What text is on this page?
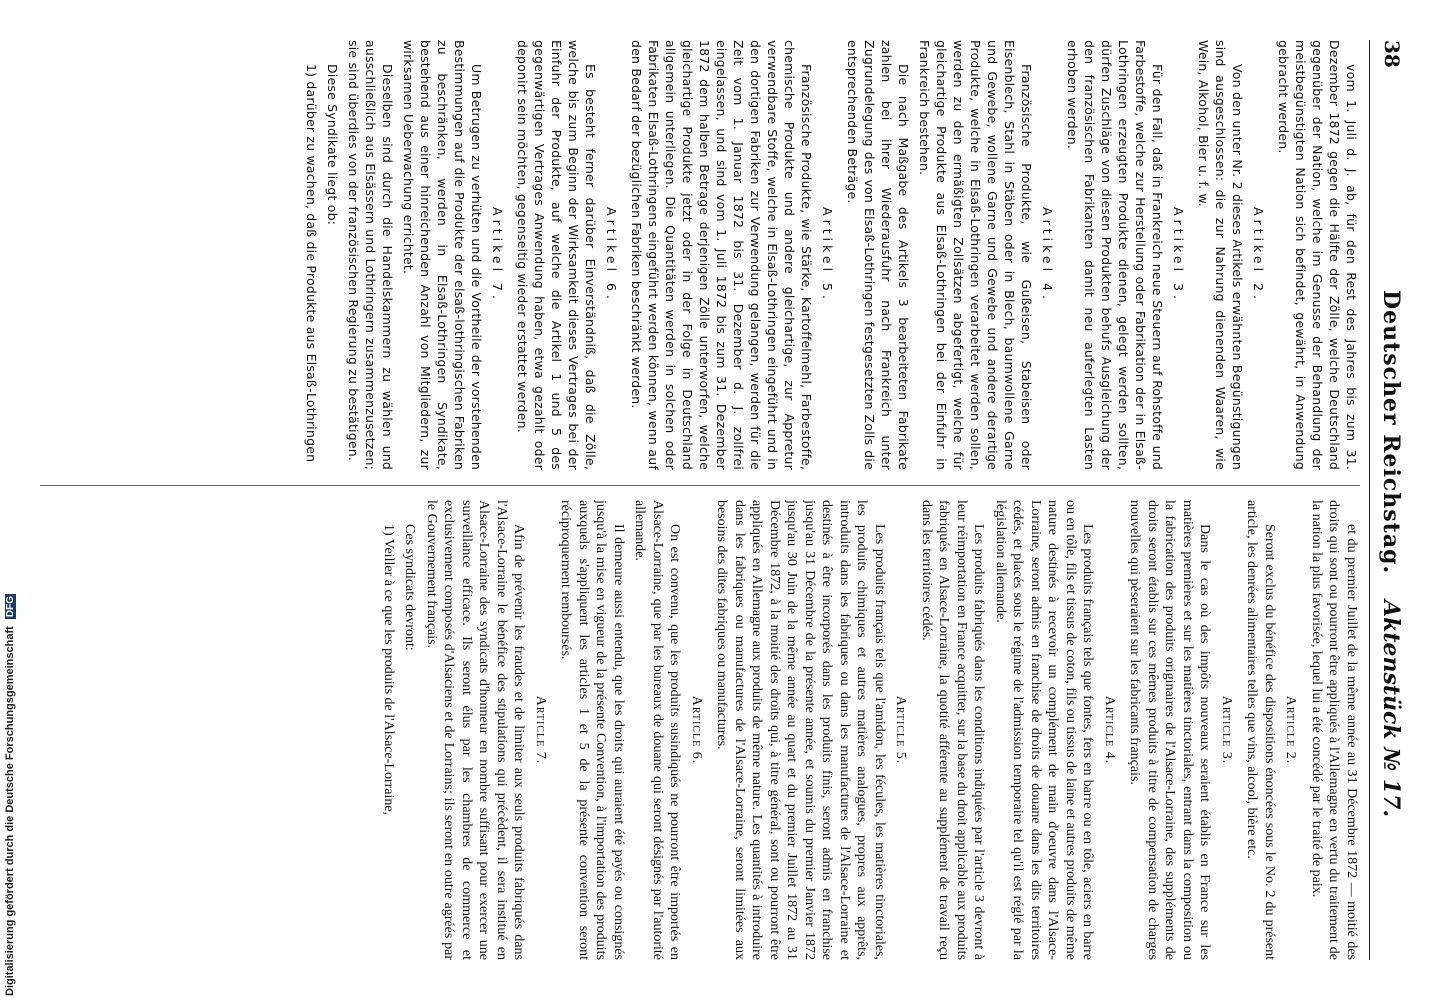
38
Deutscher Reichstag.
Aktenstück № 17.

vom 1. Juli d. J. ab, für den Rest des Jahres bis zum 31. Dezember 1872 gegen die Hälfte der Zölle, welche Deutschland gegenüber der Nation, welche im Genusse der Behandlung der meistbegünstigten Nation sich befindet, gewährt, in Anwendung gebracht werden.

Artikel 2.

Von den unter Nr. 2 dieses Artikels erwähnten Begünstigungen sind ausgeschlossen: die zur Nahrung dienenden Waaren, wie Wein, Alkohol, Bier u. f. w.

Artikel 3.

Für den Fall, daß in Frankreich neue Steuern auf Rohstoffe und Farbestoffe, welche zur Herstellung oder Fabrikation der in Elsaß-Lothringen erzeugten Produkte dienen, gelegt werden sollten, dürfen Zuschläge von diesen Produkten behufs Ausgleichung der den französischen Fabrikanten damit neu auferlegten Lasten erhoben werden.

Artikel 4.

Französische Produkte, wie Gußeisen, Stabeisen oder Eisenblech, Stahl in Stäben oder in Blech, baumwollene Garne und Gewebe, wollene Garne und Gewebe und andere derartige Produkte, welche in Elsaß-Lothringen verarbeitet werden sollen, werden zu den ermäßigten Zollsätzen abgefertigt, welche für gleichartige Produkte aus Elsaß-Lothringen bei der Einfuhr in Frankreich bestehen.

Die nach Maßgabe des Artikels 3 bearbeiteten Fabrikate zahlen bei ihrer Wiederausfuhr nach Frankreich unter Zugrundelegung des von Elsaß-Lothringen festgesetzten Zolls die entsprechenden Beträge.

Artikel 5.

Französische Produkte, wie Stärke, Kartoffelmehl, Farbestoffe, chemische Produkte und andere gleichartige, zur Appretur verwendbare Stoffe, welche in Elsaß-Lothringen eingeführt und in den dortigen Fabriken zur Verwendung gelangen, werden für die Zeit vom 1. Januar 1872 bis 31. Dezember d. J. zollfrei eingelassen, und sind vom 1. Juli 1872 bis zum 31. Dezember 1872 dem halben Betrage derjenigen Zölle unterworfen, welche gleichartige Produkte jetzt oder in der Folge in Deutschland allgemein unterliegen. Die Quantitäten werden in solchen oder Fabrikaten Elsaß-Lothringens eingeführt werden können, wenn auf den Bedarf der bezüglichen Fabriken beschränkt werden.

Artikel 6.

Es besteht ferner darüber Einverständniß, daß die Zölle, welche bis zum Beginn der Wirksamkeit dieses Vertrages bei der Einfuhr der Produkte, auf welche die Artikel 1 und 5 des gegenwärtigen Vertrages Anwendung haben, etwa gezahlt oder deponirt sein möchten, gegenseitig wieder erstattet werden.

Artikel 7.

Um Betrugen zu verhüten und die Vortheile der vorstehenden Bestimmungen auf die Produkte der elsaß-lothringischen Fabriken zu beschränken, werden in Elsaß-Lothringen Syndikate, bestehend aus einer hinreichenden Anzahl von Mitgliedern, zur wirksamen Ueberwachung errichtet.

Dieselben sind durch die Handelskammern zu wählen und ausschließlich aus Elsässern und Lothringern zusammenzusetzen; sie sind überdies von der französischen Regierung zu bestätigen.

Diese Syndikate liegt ob:

1) darüber zu wachen, daß die Produkte aus Elsaß-Lothringen

et du premier Juillet de la même année au 31 Décembre 1872 — moitié des droits qui sont ou pourront être appliqués à l'Allemagne en vertu du traitement de la nation la plus favorisée, lequel lui a été concédé par le traité de paix.

Article 2.

Seront exclus du bénéfice des dispositions énoncées sous le No. 2 du présent article, les denrées alimentaires telles que vins, alcool, bière etc.

Article 3.

Dans le cas où des impôts nouveaux seraient établis en France sur les matières premières et sur les matières tinctoriales, entrant dans la composition ou la fabrication des produits originaires de l'Alsace-Lorraine, des suppléments de droits seront établis sur ces mêmes produits à titre de compensation de charges nouvelles qui pèseraient sur les fabricants français.

Article 4.

Les produits français tels que fontes, fers en barre ou en tôle, aciers en barre ou en tôle, fils et tissus de coton, fils ou tissus de laine et autres produits de même nature destinés à recevoir un complément de main d'oeuvre dans l'Alsace-Lorraine, seront admis en franchise de droits de douane dans les dits territoires cédés, et placés sous le régime de l'admission temporaire tel qu'il est réglé par la législation allemande.

Les produits fabriqués dans les conditions indiquées par l'article 3 devront à leur réimportation en France acquitter, sur la base du droit applicable aux produits fabriqués en Alsace-Lorraine, la quotité afférente au supplément de travail reçu dans les territoires cédés.

Article 5.

Les produits français tels que l'amidon, les fécules, les matières tinctoriales, les produits chimiques et autres matières analogues, propres aux apprêts, introduits dans les fabriques ou dans les manufactures de l'Alsace-Lorraine et destinés à être incorporés dans les produits finis, seront admis en franchise jusqu'au 31 Décembre de la présente année, et soumis du premier Janvier 1872 jusqu'au 30 Juin de la même année au quart et du premier Juillet 1872 au 31 Décembre 1872, à la moitié des droits qui, à titre général, sont ou pourront être appliqués en Allemagne aux produits de même nature. Les quantités à introduire dans les fabriques ou manufactures de l'Alsace-Lorraine, seront limitées aux besoins des dites fabriques ou manufactures.

Article 6.

On est convenu, que les produits susindiqués ne pourront être importés en Alsace-Lorraine, que par les bureaux de douane qui seront désignés par l'autorité allemande.

Il demeure aussi entendu, que les droits qui auraient été payés ou consignés jusqu'à la mise en vigueur de la présente Convention, à l'importation des produits auxquels s'appliquent les articles 1 et 5 de la présente convention seront réciproquement remboursés.

Article 7.

Afin de prévenir les fraudes et de limiter aux seuls produits fabriqués dans l'Alsace-Lorraine le bénéfice des stipulations qui précèdent, il sera institué en Alsace-Lorraine des syndicats d'honneur en nombre suffisant pour exercer une surveillance efficace. Ils seront élus par les chambres de commerce et exclusivement composés d'Alsaciens et de Lorrains; ils seront en outre agréés par le Gouvernement français.

Ces syndicats devront:

1) Veiller à ce que les produits de l'Alsace-Lorraine,

Digitalisierung gefördert durch die Deutsche Forschungsgemeinschaft DFG
